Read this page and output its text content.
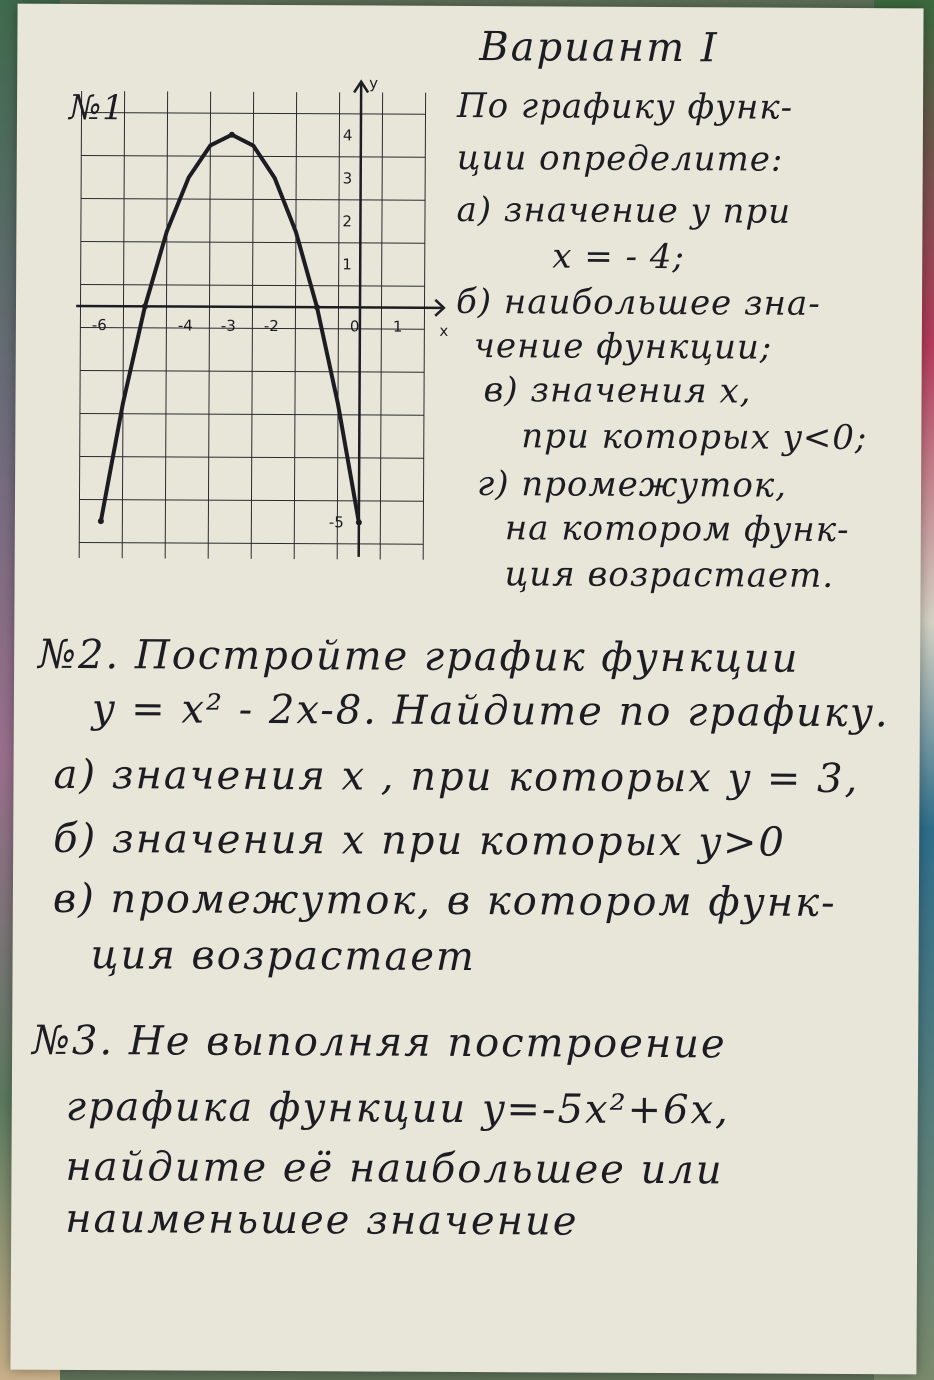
Вариант I
-6	-4 -3 -2	0 1
4
3
2
1
-5
x
y
№1	По графику функ-
ции определите:
а) значение y при
x = - 4;
б) наибольшее зна-
чение функции;
в) значения x,
при которых y<0;
г) промежуток,
на котором функ-
ция возрастает.
№2. Постройте график функции
y = x² - 2x-8. Найдите по графику.
а) значения x , при которых y = 3,
б) значения x при которых y>0
в) промежуток, в котором функ-
ция возрастает
№3. Не выполняя построение
графика функции y=-5x²+6x,
найдите её наибольшее или
наименьшее значение
